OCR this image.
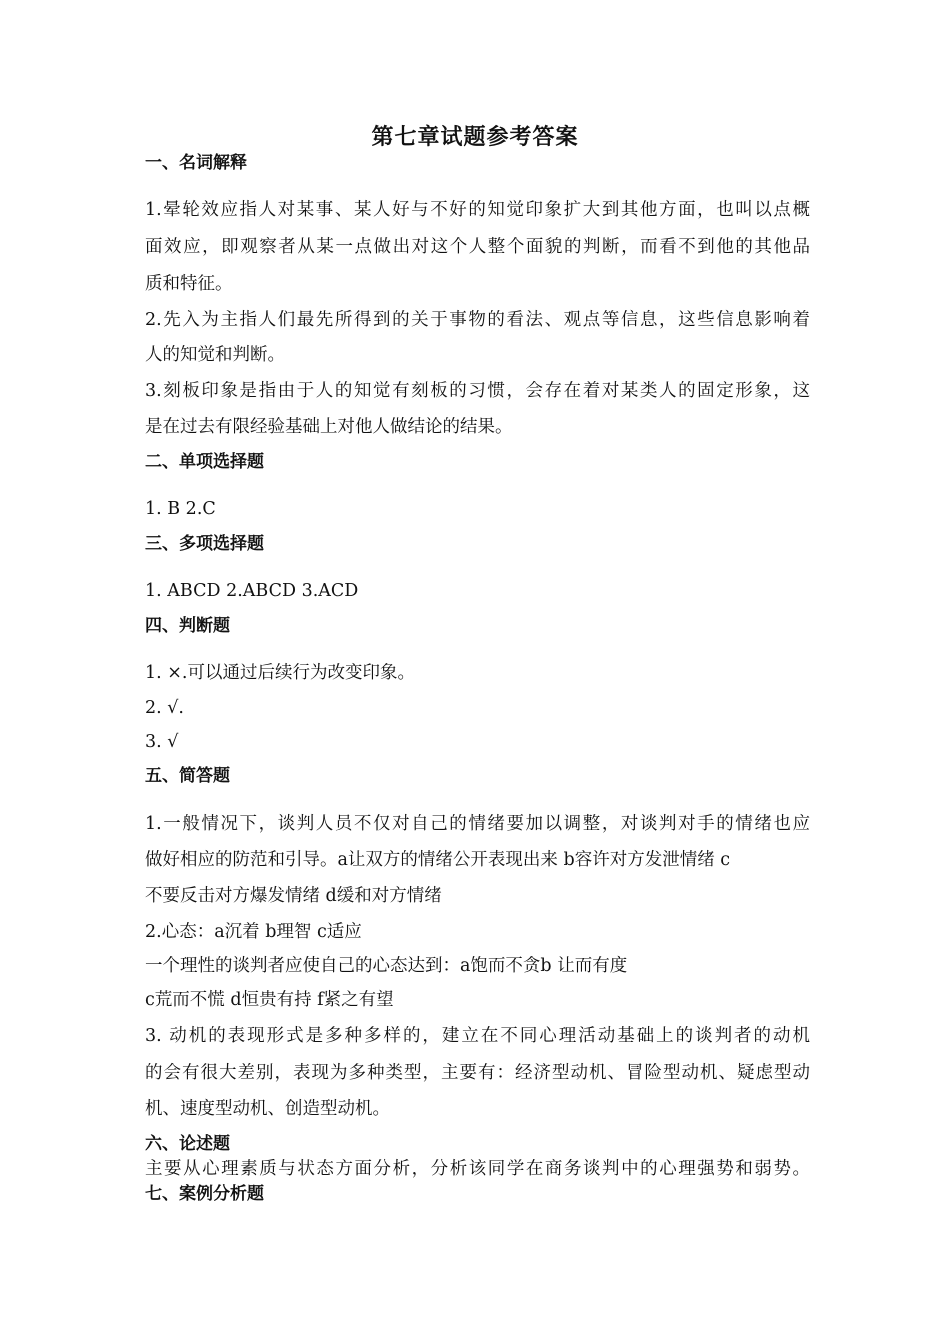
第七章试题参考答案
一、名词解释
1.晕轮效应指人对某事、某人好与不好的知觉印象扩大到其他方面，也叫以点概
面效应，即观察者从某一点做出对这个人整个面貌的判断，而看不到他的其他品
质和特征。
2.先入为主指人们最先所得到的关于事物的看法、观点等信息，这些信息影响着
人的知觉和判断。
3.刻板印象是指由于人的知觉有刻板的习惯，会存在着对某类人的固定形象，这
是在过去有限经验基础上对他人做结论的结果。
二、单项选择题
1. B 2.C
三、多项选择题
1. ABCD 2.ABCD 3.ACD
四、判断题
1. ×.可以通过后续行为改变印象。
2. √.
3. √
五、简答题
1.一般情况下，谈判人员不仅对自己的情绪要加以调整，对谈判对手的情绪也应
做好相应的防范和引导。a让双方的情绪公开表现出来 b容许对方发泄情绪 c
不要反击对方爆发情绪 d缓和对方情绪
2.心态：a沉着 b理智 c适应
一个理性的谈判者应使自己的心态达到：a饱而不贪b 让而有度
c荒而不慌 d恒贵有持 f紧之有望
3. 动机的表现形式是多种多样的，建立在不同心理活动基础上的谈判者的动机
的会有很大差别，表现为多种类型，主要有：经济型动机、冒险型动机、疑虑型动
机、速度型动机、创造型动机。
六、论述题
主要从心理素质与状态方面分析，分析该同学在商务谈判中的心理强势和弱势。
七、案例分析题
